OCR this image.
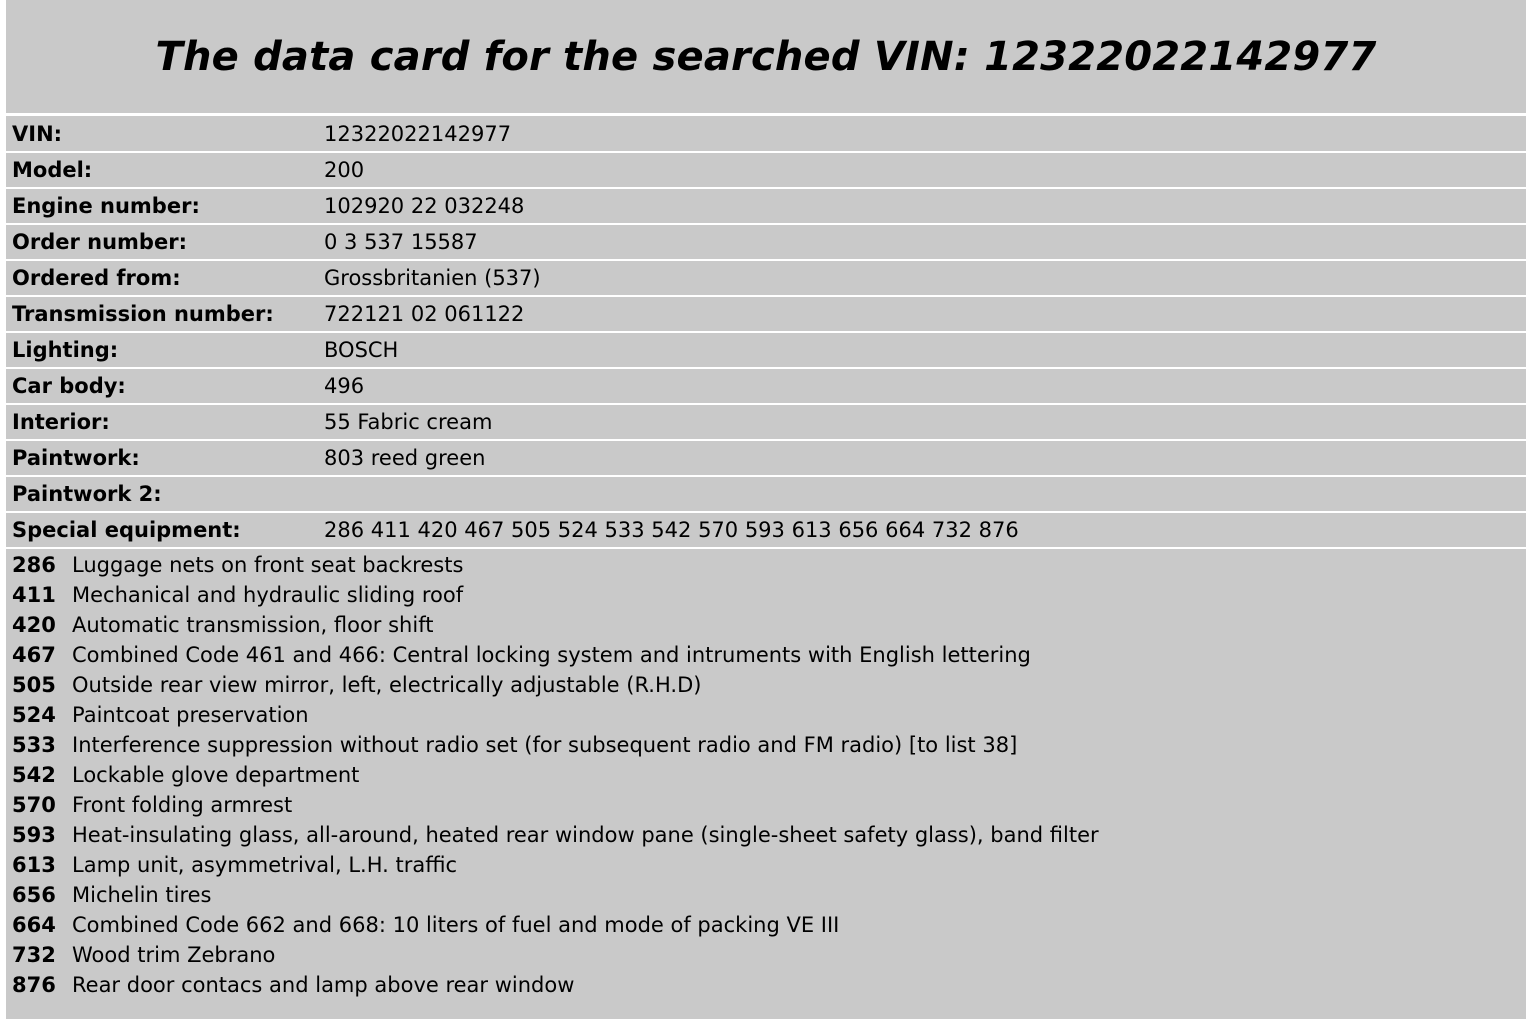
The data card for the searched VIN: 12322022142977
VIN:	12322022142977
Model:	200
Engine number:	102920 22 032248
Order number:	0 3 537 15587
Ordered from:	Grossbritanien (537)
Transmission number:	722121 02 061122
Lighting:	BOSCH
Car body:	496
Interior:	55 Fabric cream
Paintwork:	803 reed green
Paintwork 2:	
Special equipment:	286 411 420 467 505 524 533 542 570 593 613 656 664 732 876
286 Luggage nets on front seat backrests
411 Mechanical and hydraulic sliding roof
420 Automatic transmission, floor shift
467 Combined Code 461 and 466: Central locking system and intruments with English lettering
505 Outside rear view mirror, left, electrically adjustable (R.H.D)
524 Paintcoat preservation
533 Interference suppression without radio set (for subsequent radio and FM radio) [to list 38]
542 Lockable glove department
570 Front folding armrest
593 Heat-insulating glass, all-around, heated rear window pane (single-sheet safety glass), band filter
613 Lamp unit, asymmetrival, L.H. traffic
656 Michelin tires
664 Combined Code 662 and 668: 10 liters of fuel and mode of packing VE III
732 Wood trim Zebrano
876 Rear door contacs and lamp above rear window
